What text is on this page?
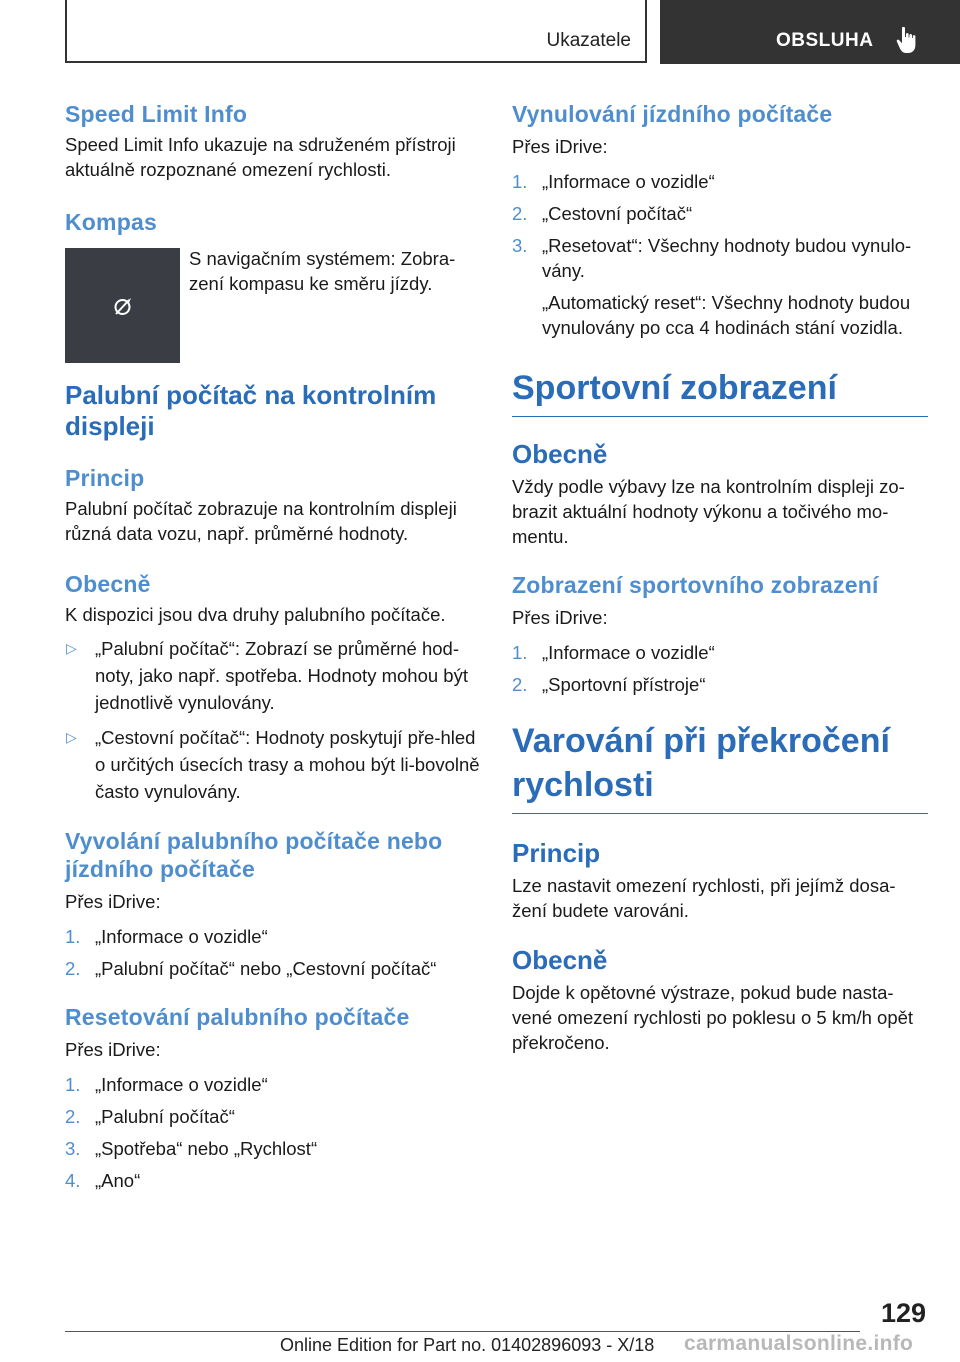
Ukazatele	OBSLUHA
Speed Limit Info

Speed Limit Info ukazuje na sdruženém přístroji aktuálně rozpoznané omezení rychlosti.

Kompas
S navigačním systémem: Zobra‐zení kompasu ke směru jízdy.
Palubní počítač na kontrolním displeji
Princip

Palubní počítač zobrazuje na kontrolním displeji různá data vozu, např. průměrné hodnoty.

Obecně

K dispozici jsou dva druhy palubního počítače.

▷ „Palubní počítač“: Zobrazí se průměrné hod‐noty, jako např. spotřeba. Hodnoty mohou být jednotlivě vynulovány.
▷ „Cestovní počítač“: Hodnoty poskytují pře‐hled o určitých úsecích trasy a mohou být li‐bovolně často vynulovány.
Vyvolání palubního počítače nebo jízdního počítače

Přes iDrive:

1. „Informace o vozidle“
2. „Palubní počítač“ nebo „Cestovní počítač“
Resetování palubního počítače

Přes iDrive:

1. „Informace o vozidle“
2. „Palubní počítač“
3. „Spotřeba“ nebo „Rychlost“
4. „Ano“
Vynulování jízdního počítače

Přes iDrive:

1. „Informace o vozidle“
2. „Cestovní počítač“
3. „Resetovat“: Všechny hodnoty budou vynulo‐vány.

„Automatický reset“: Všechny hodnoty budou vynulovány po cca 4 hodinách stání vozidla.

Sportovní zobrazení
Obecně

Vždy podle výbavy lze na kontrolním displeji zo‐brazit aktuální hodnoty výkonu a točivého mo‐mentu.

Zobrazení sportovního zobrazení

Přes iDrive:

1. „Informace o vozidle“
2. „Sportovní přístroje“
Varování při překročení rychlosti
Princip

Lze nastavit omezení rychlosti, při jejímž dosa‐žení budete varováni.

Obecně

Dojde k opětovné výstraze, pokud bude nasta‐vené omezení rychlosti po poklesu o 5 km/h opět překročeno.

129
Online Edition for Part no. 01402896093 - X/18 carmanualsonline.info
